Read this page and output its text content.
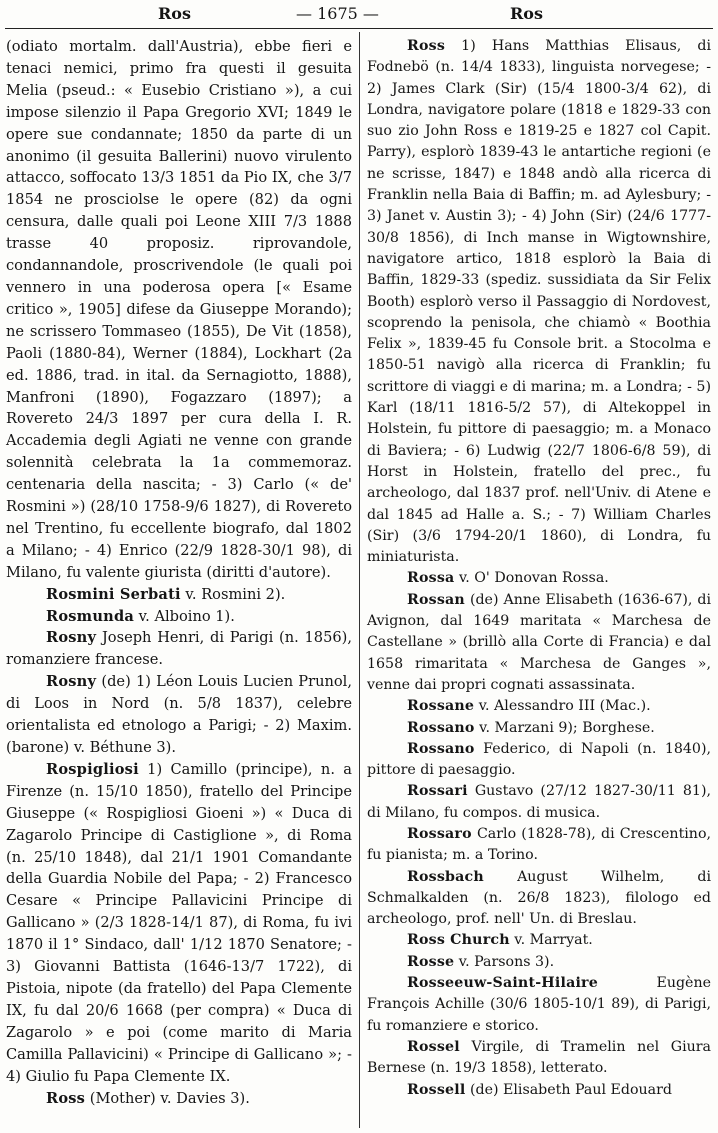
Ros	— 1675 —	Ros

(odiato mortalm. dall'Austria), ebbe fieri e tenaci nemici, primo fra questi il gesuita Melia (pseud.: « Eusebio Cristiano »), a cui impose silenzio il Papa Gregorio XVI; 1849 le opere sue condannate; 1850 da parte di un anonimo (il gesuita Ballerini) nuovo virulento attacco, soffocato 13/3 1851 da Pio IX, che 3/7 1854 ne prosciolse le opere (82) da ogni censura, dalle quali poi Leone XIII 7/3 1888 trasse 40 proposiz. riprovandole, condannandole, proscrivendole (le quali poi vennero in una poderosa opera [« Esame critico », 1905] difese da Giuseppe Morando); ne scrissero Tommaseo (1855), De Vit (1858), Paoli (1880-84), Werner (1884), Lockhart (2a ed. 1886, trad. in ital. da Sernagiotto, 1888), Manfroni (1890), Fogazzaro (1897); a Rovereto 24/3 1897 per cura della I. R. Accademia degli Agiati ne venne con grande solennità celebrata la 1a commemoraz. centenaria della nascita; - 3) Carlo (« de' Rosmini ») (28/10 1758-9/6 1827), di Rovereto nel Trentino, fu eccellente biografo, dal 1802 a Milano; - 4) Enrico (22/9 1828-30/1 98), di Milano, fu valente giurista (diritti d'autore).

Rosmini Serbati v. Rosmini 2).

Rosmunda v. Alboino 1).

Rosny Joseph Henri, di Parigi (n. 1856), romanziere francese.

Rosny (de) 1) Léon Louis Lucien Prunol, di Loos in Nord (n. 5/8 1837), celebre orientalista ed etnologo a Parigi; - 2) Maxim. (barone) v. Béthune 3).

Rospigliosi 1) Camillo (principe), n. a Firenze (n. 15/10 1850), fratello del Principe Giuseppe (« Rospigliosi Gioeni ») « Duca di Zagarolo Principe di Castiglione », di Roma (n. 25/10 1848), dal 21/1 1901 Comandante della Guardia Nobile del Papa; - 2) Francesco Cesare « Principe Pallavicini Principe di Gallicano » (2/3 1828-14/1 87), di Roma, fu ivi 1870 il 1° Sindaco, dall' 1/12 1870 Senatore; - 3) Giovanni Battista (1646-13/7 1722), di Pistoia, nipote (da fratello) del Papa Clemente IX, fu dal 20/6 1668 (per compra) « Duca di Zagarolo » e poi (come marito di Maria Camilla Pallavicini) « Principe di Gallicano »; - 4) Giulio fu Papa Clemente IX.

Ross (Mother) v. Davies 3).

Ross 1) Hans Matthias Elisaus, di Fodnebö (n. 14/4 1833), linguista norvegese; - 2) James Clark (Sir) (15/4 1800-3/4 62), di Londra, navigatore polare (1818 e 1829-33 con suo zio John Ross e 1819-25 e 1827 col Capit. Parry), esplorò 1839-43 le antartiche regioni (e ne scrisse, 1847) e 1848 andò alla ricerca di Franklin nella Baia di Baffin; m. ad Aylesbury; - 3) Janet v. Austin 3); - 4) John (Sir) (24/6 1777-30/8 1856), di Inch manse in Wigtownshire, navigatore artico, 1818 esplorò la Baia di Baffin, 1829-33 (spediz. sussidiata da Sir Felix Booth) esplorò verso il Passaggio di Nordovest, scoprendo la penisola, che chiamò « Boothia Felix », 1839-45 fu Console brit. a Stocolma e 1850-51 navigò alla ricerca di Franklin; fu scrittore di viaggi e di marina; m. a Londra; - 5) Karl (18/11 1816-5/2 57), di Altekoppel in Holstein, fu pittore di paesaggio; m. a Monaco di Baviera; - 6) Ludwig (22/7 1806-6/8 59), di Horst in Holstein, fratello del prec., fu archeologo, dal 1837 prof. nell'Univ. di Atene e dal 1845 ad Halle a. S.; - 7) William Charles (Sir) (3/6 1794-20/1 1860), di Londra, fu miniaturista.

Rossa v. O' Donovan Rossa.

Rossan (de) Anne Elisabeth (1636-67), di Avignon, dal 1649 maritata « Marchesa de Castellane » (brillò alla Corte di Francia) e dal 1658 rimaritata « Marchesa de Ganges », venne dai propri cognati assassinata.

Rossane v. Alessandro III (Mac.).

Rossano v. Marzani 9); Borghese.

Rossano Federico, di Napoli (n. 1840), pittore di paesaggio.

Rossari Gustavo (27/12 1827-30/11 81), di Milano, fu compos. di musica.

Rossaro Carlo (1828-78), di Crescentino, fu pianista; m. a Torino.

Rossbach August Wilhelm, di Schmalkalden (n. 26/8 1823), filologo ed archeologo, prof. nell' Un. di Breslau.

Ross Church v. Marryat.

Rosse v. Parsons 3).

Rosseeuw-Saint-Hilaire	Eugène François Achille (30/6 1805-10/1 89), di Parigi, fu romanziere e storico.

Rossel Virgile, di Tramelin nel Giura Bernese (n. 19/3 1858), letterato.

Rossell (de) Elisabeth Paul Edouard
